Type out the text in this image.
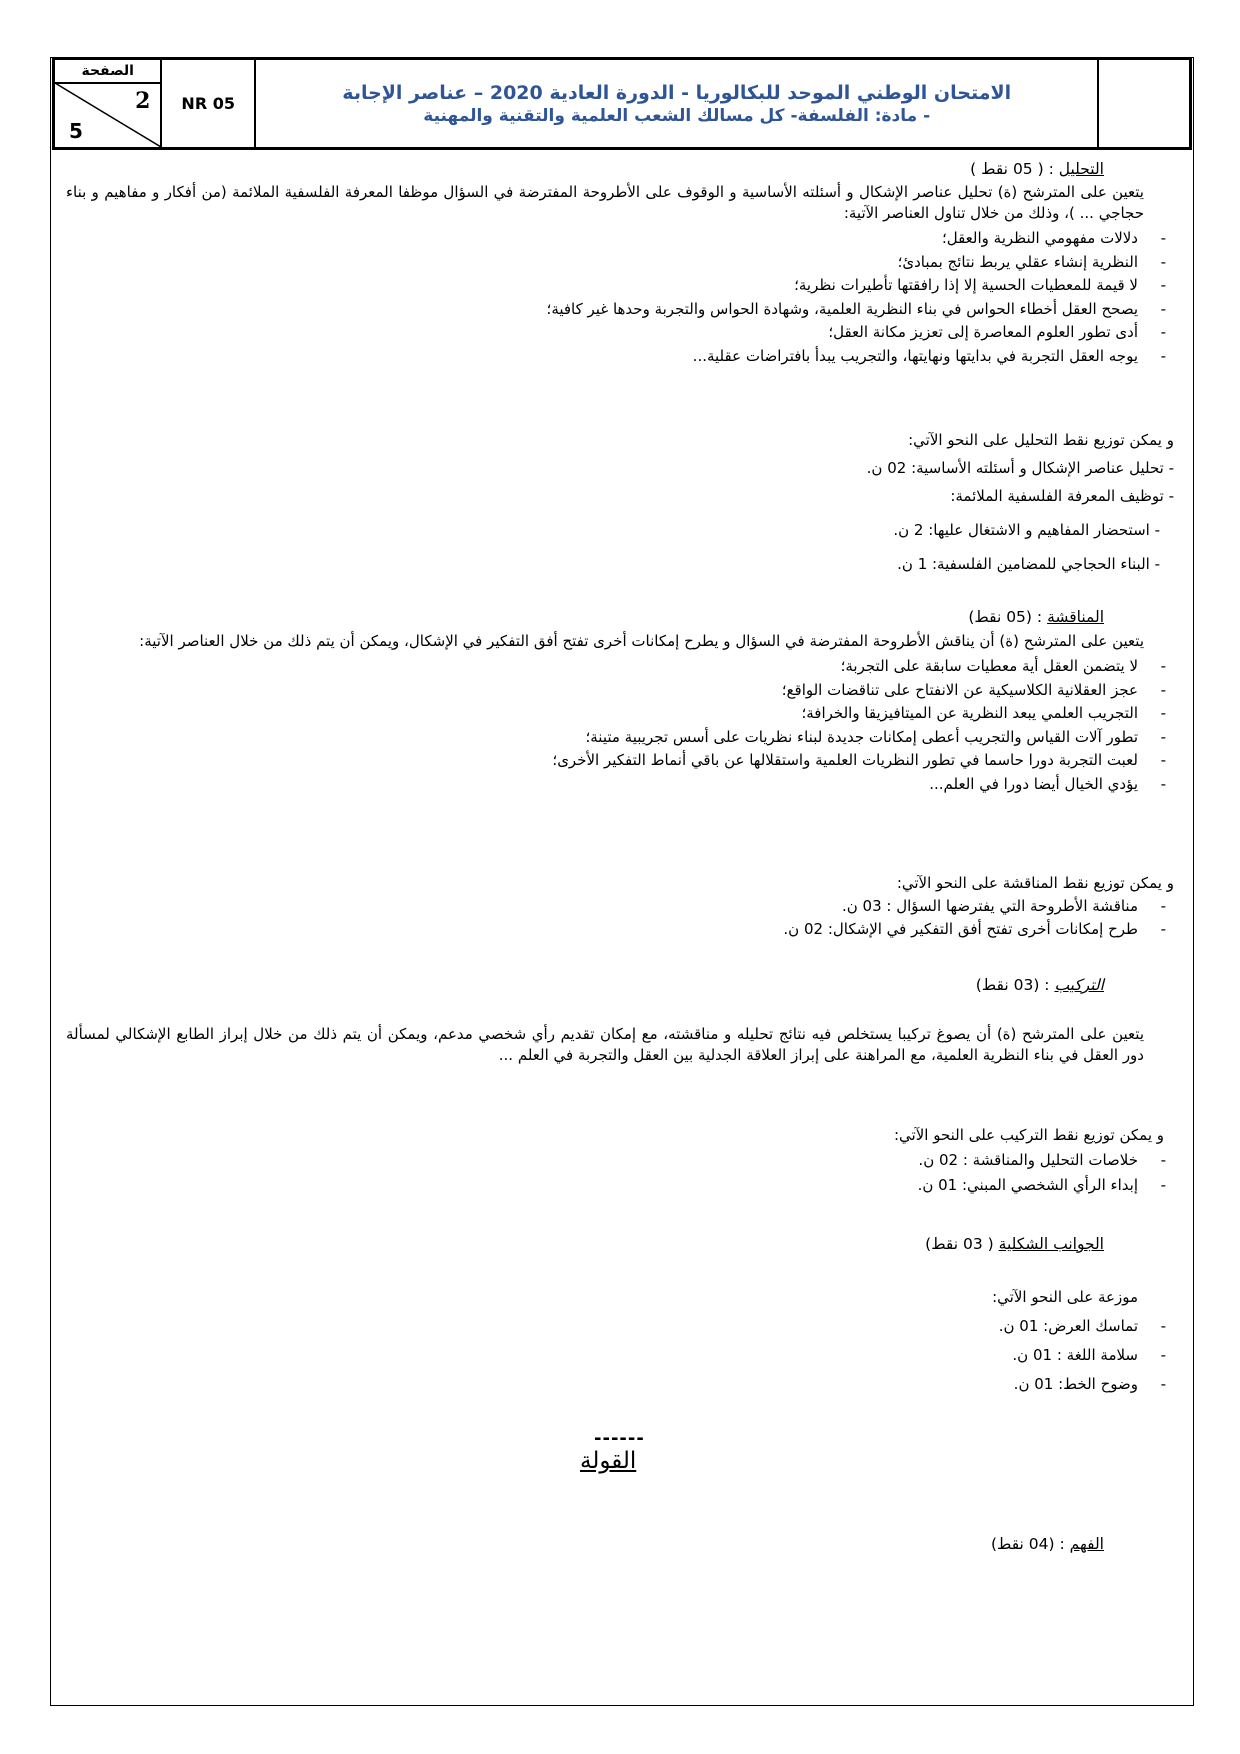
الصفحة
2
5
NR 05	الامتحان الوطني الموحد للبكالوريا - الدورة العادية 2020 – عناصر الإجابة
- مادة: الفلسفة- كل مسالك الشعب العلمية والتقنية والمهنية
التحليل : ( 05 نقط )
يتعين على المترشح (ة) تحليل عناصر الإشكال و أسئلته الأساسية و الوقوف على الأطروحة المفترضة في السؤال موظفا المعرفة الفلسفية الملائمة (من أفكار و مفاهيم و بناء حجاجي ... )، وذلك من خلال تناول العناصر الآتية:
- دلالات مفهومي النظرية والعقل؛
- النظرية إنشاء عقلي يربط نتائج بمبادئ؛
- لا قيمة للمعطيات الحسية إلا إذا رافقتها تأطيرات نظرية؛
- يصحح العقل أخطاء الحواس في بناء النظرية العلمية، وشهادة الحواس والتجربة وحدها غير كافية؛
- أدى تطور العلوم المعاصرة إلى تعزيز مكانة العقل؛
- يوجه العقل التجربة في بدايتها ونهايتها، والتجريب يبدأ بافتراضات عقلية...
و يمكن توزيع نقط التحليل على النحو الآتي:
- تحليل عناصر الإشكال و أسئلته الأساسية: 02 ن.
- توظيف المعرفة الفلسفية الملائمة:
- استحضار المفاهيم و الاشتغال عليها: 2 ن.
- البناء الحجاجي للمضامين الفلسفية: 1 ن.
المناقشة : (05 نقط)
يتعين على المترشح (ة) أن يناقش الأطروحة المفترضة في السؤال و يطرح إمكانات أخرى تفتح أفق التفكير في الإشكال، ويمكن أن يتم ذلك من خلال العناصر الآتية:
- لا يتضمن العقل أية معطيات سابقة على التجربة؛
- عجز العقلانية الكلاسيكية عن الانفتاح على تناقضات الواقع؛
- التجريب العلمي يبعد النظرية عن الميتافيزيقا والخرافة؛
- تطور آلات القياس والتجريب أعطى إمكانات جديدة لبناء نظريات على أسس تجريبية متينة؛
- لعبت التجربة دورا حاسما في تطور النظريات العلمية واستقلالها عن باقي أنماط التفكير الأخرى؛
- يؤدي الخيال أيضا دورا في العلم...
و يمكن توزيع نقط المناقشة على النحو الآتي:
- مناقشة الأطروحة التي يفترضها السؤال : 03 ن.
- طرح إمكانات أخرى تفتح أفق التفكير في الإشكال: 02 ن.
التركيب : (03 نقط)
يتعين على المترشح (ة) أن يصوغ تركيبا يستخلص فيه نتائج تحليله و مناقشته، مع إمكان تقديم رأي شخصي مدعم، ويمكن أن يتم ذلك من خلال إبراز الطابع الإشكالي لمسألة دور العقل في بناء النظرية العلمية، مع المراهنة على إبراز العلاقة الجدلية بين العقل والتجربة في العلم ...
و يمكن توزيع نقط التركيب على النحو الآتي:
- خلاصات التحليل والمناقشة : 02 ن.
- إبداء الرأي الشخصي المبني: 01 ن.
الجوانب الشكلية ( 03 نقط)
موزعة على النحو الآتي:
- تماسك العرض: 01 ن.
- سلامة اللغة : 01 ن.
- وضوح الخط: 01 ن.
------
القولة
الفهم : (04 نقط)
